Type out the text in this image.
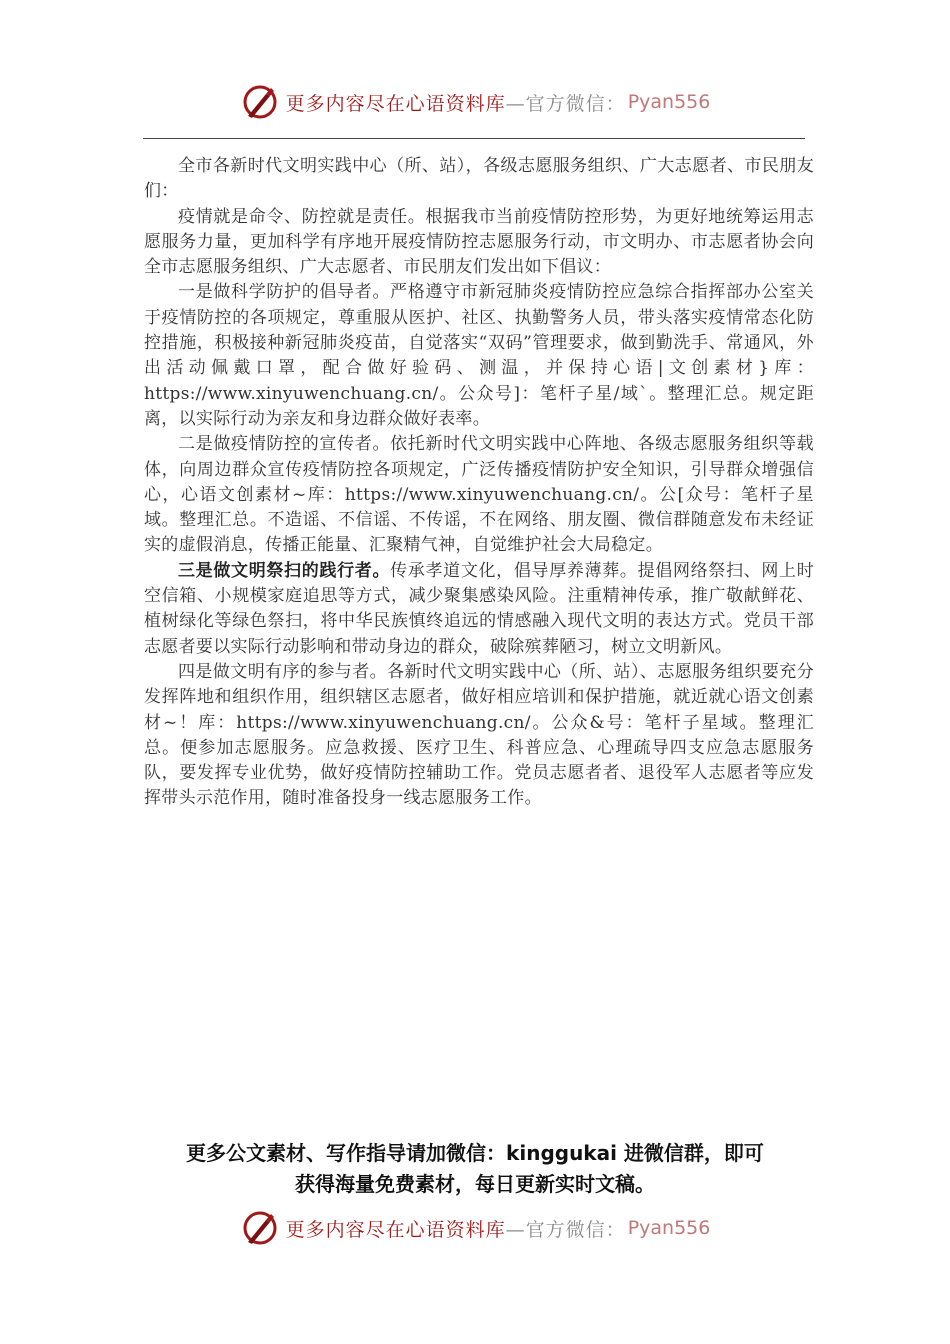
更多内容尽在心语资料库 —官方微信： Pyan556

全市各新时代文明实践中心（所、站），各级志愿服务组织、广大志愿者、市民朋友们：

疫情就是命令、防控就是责任。根据我市当前疫情防控形势，为更好地统筹运用志愿服务力量，更加科学有序地开展疫情防控志愿服务行动，市文明办、市志愿者协会向全市志愿服务组织、广大志愿者、市民朋友们发出如下倡议：

一是做科学防护的倡导者。严格遵守市新冠肺炎疫情防控应急综合指挥部办公室关于疫情防控的各项规定，尊重服从医护、社区、执勤警务人员，带头落实疫情常态化防控措施，积极接种新冠肺炎疫苗，自觉落实“双码”管理要求，做到勤洗手、常通风，外出活动佩戴口罩，配合做好验码、测温，并保持心语|文创素材}库：https://www.xinyuwenchuang.cn/。公众号]：笔杆子星/域`。整理汇总。规定距离，以实际行动为亲友和身边群众做好表率。

二是做疫情防控的宣传者。依托新时代文明实践中心阵地、各级志愿服务组织等载体，向周边群众宣传疫情防控各项规定，广泛传播疫情防护安全知识，引导群众增强信心，心语文创素材~库：https://www.xinyuwenchuang.cn/。公[众号：笔杆子星域。整理汇总。不造谣、不信谣、不传谣，不在网络、朋友圈、微信群随意发布未经证实的虚假消息，传播正能量、汇聚精气神，自觉维护社会大局稳定。

三是做文明祭扫的践行者。传承孝道文化，倡导厚养薄葬。提倡网络祭扫、网上时空信箱、小规模家庭追思等方式，减少聚集感染风险。注重精神传承，推广敬献鲜花、植树绿化等绿色祭扫，将中华民族慎终追远的情感融入现代文明的表达方式。党员干部志愿者要以实际行动影响和带动身边的群众，破除殡葬陋习，树立文明新风。

四是做文明有序的参与者。各新时代文明实践中心（所、站）、志愿服务组织要充分发挥阵地和组织作用，组织辖区志愿者，做好相应培训和保护措施，就近就心语文创素材~！库：https://www.xinyuwenchuang.cn/。公众&号：笔杆子星域。整理汇总。便参加志愿服务。应急救援、医疗卫生、科普应急、心理疏导四支应急志愿服务队，要发挥专业优势，做好疫情防控辅助工作。党员志愿者者、退役军人志愿者等应发挥带头示范作用，随时准备投身一线志愿服务工作。

更多公文素材、写作指导请加微信：kinggukai 进微信群，即可
获得海量免费素材，每日更新实时文稿。
更多内容尽在心语资料库 —官方微信： Pyan556
